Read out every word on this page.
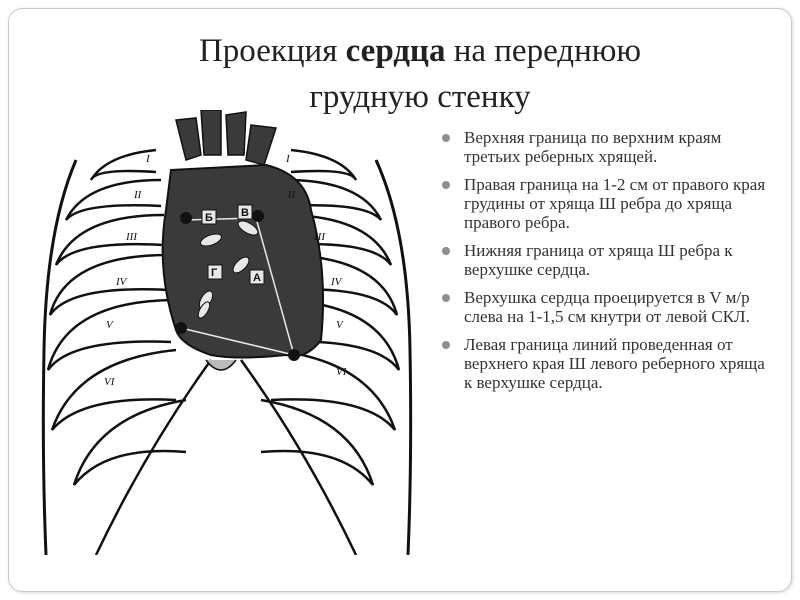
Проекция сердца на переднюю
грудную стенку
Б	В
Г	А
I
II
III
IV
V
VI
I
II
III
IV
V
VI
Верхняя граница по верхним краям третьих реберных хрящей.
Правая граница на 1-2 см от правого края грудины от хряща Ш ребра до хряща правого ребра.
Нижняя граница от хряща Ш ребра к верхушке сердца.
Верхушка сердца проецируется в V м/р слева на 1-1,5 см кнутри от левой СКЛ.
Левая граница линий проведенная от верхнего края Ш левого реберного хряща к верхушке сердца.
